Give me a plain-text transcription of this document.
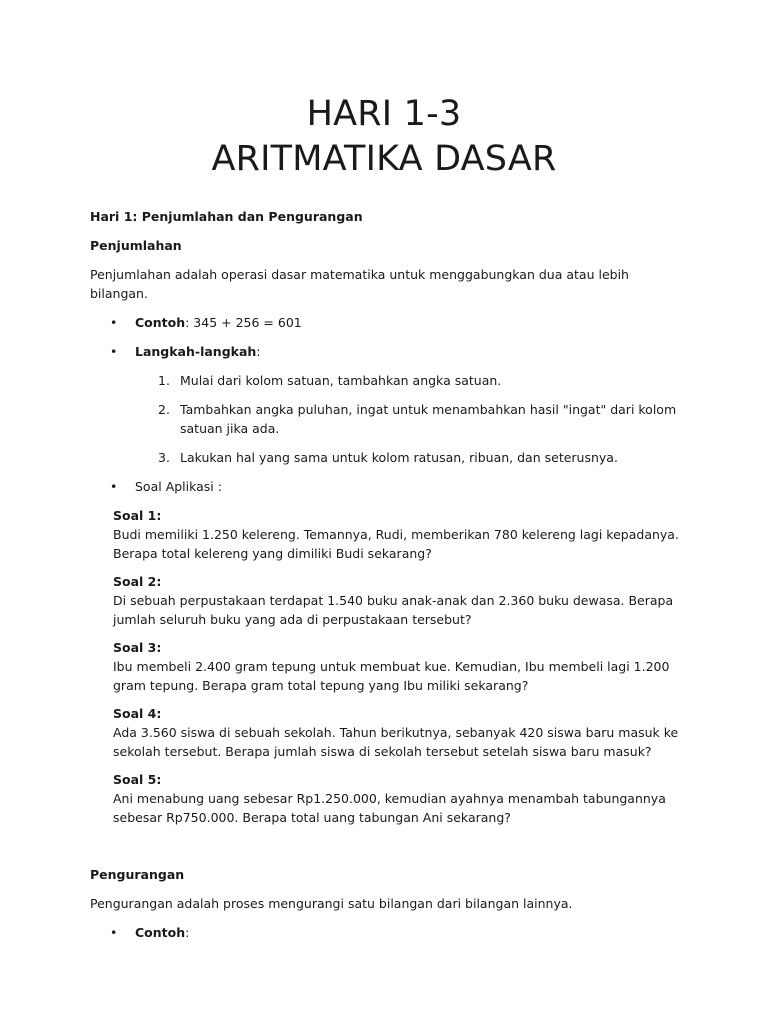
HARI 1-3
ARITMATIKA DASAR

Hari 1: Penjumlahan dan Pengurangan

Penjumlahan

Penjumlahan adalah operasi dasar matematika untuk menggabungkan dua atau lebih bilangan.

• Contoh: 345 + 256 = 601
• Langkah-langkah:
1. Mulai dari kolom satuan, tambahkan angka satuan.
2. Tambahkan angka puluhan, ingat untuk menambahkan hasil "ingat" dari kolom satuan jika ada.
3. Lakukan hal yang sama untuk kolom ratusan, ribuan, dan seterusnya.
• Soal Aplikasi :
Soal 1:
Budi memiliki 1.250 kelereng. Temannya, Rudi, memberikan 780 kelereng lagi kepadanya. Berapa total kelereng yang dimiliki Budi sekarang?
Soal 2:
Di sebuah perpustakaan terdapat 1.540 buku anak-anak dan 2.360 buku dewasa. Berapa jumlah seluruh buku yang ada di perpustakaan tersebut?
Soal 3:
Ibu membeli 2.400 gram tepung untuk membuat kue. Kemudian, Ibu membeli lagi 1.200 gram tepung. Berapa gram total tepung yang Ibu miliki sekarang?
Soal 4:
Ada 3.560 siswa di sebuah sekolah. Tahun berikutnya, sebanyak 420 siswa baru masuk ke sekolah tersebut. Berapa jumlah siswa di sekolah tersebut setelah siswa baru masuk?
Soal 5:
Ani menabung uang sebesar Rp1.250.000, kemudian ayahnya menambah tabungannya sebesar Rp750.000. Berapa total uang tabungan Ani sekarang?

Pengurangan

Pengurangan adalah proses mengurangi satu bilangan dari bilangan lainnya.

• Contoh:
